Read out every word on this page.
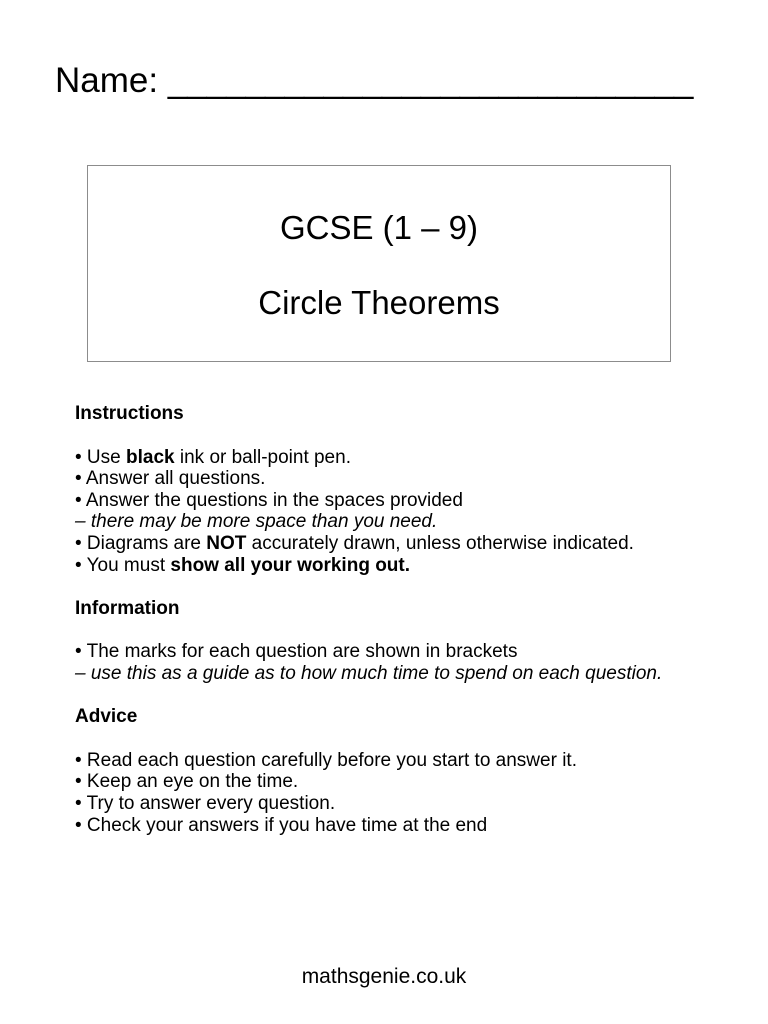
Name: ___________________________
GCSE (1 – 9)
Circle Theorems
Instructions
• Use black ink or ball-point pen.
• Answer all questions.
• Answer the questions in the spaces provided
– there may be more space than you need.
• Diagrams are NOT accurately drawn, unless otherwise indicated.
• You must show all your working out.
Information
• The marks for each question are shown in brackets
– use this as a guide as to how much time to spend on each question.
Advice
• Read each question carefully before you start to answer it.
• Keep an eye on the time.
• Try to answer every question.
• Check your answers if you have time at the end
mathsgenie.co.uk
